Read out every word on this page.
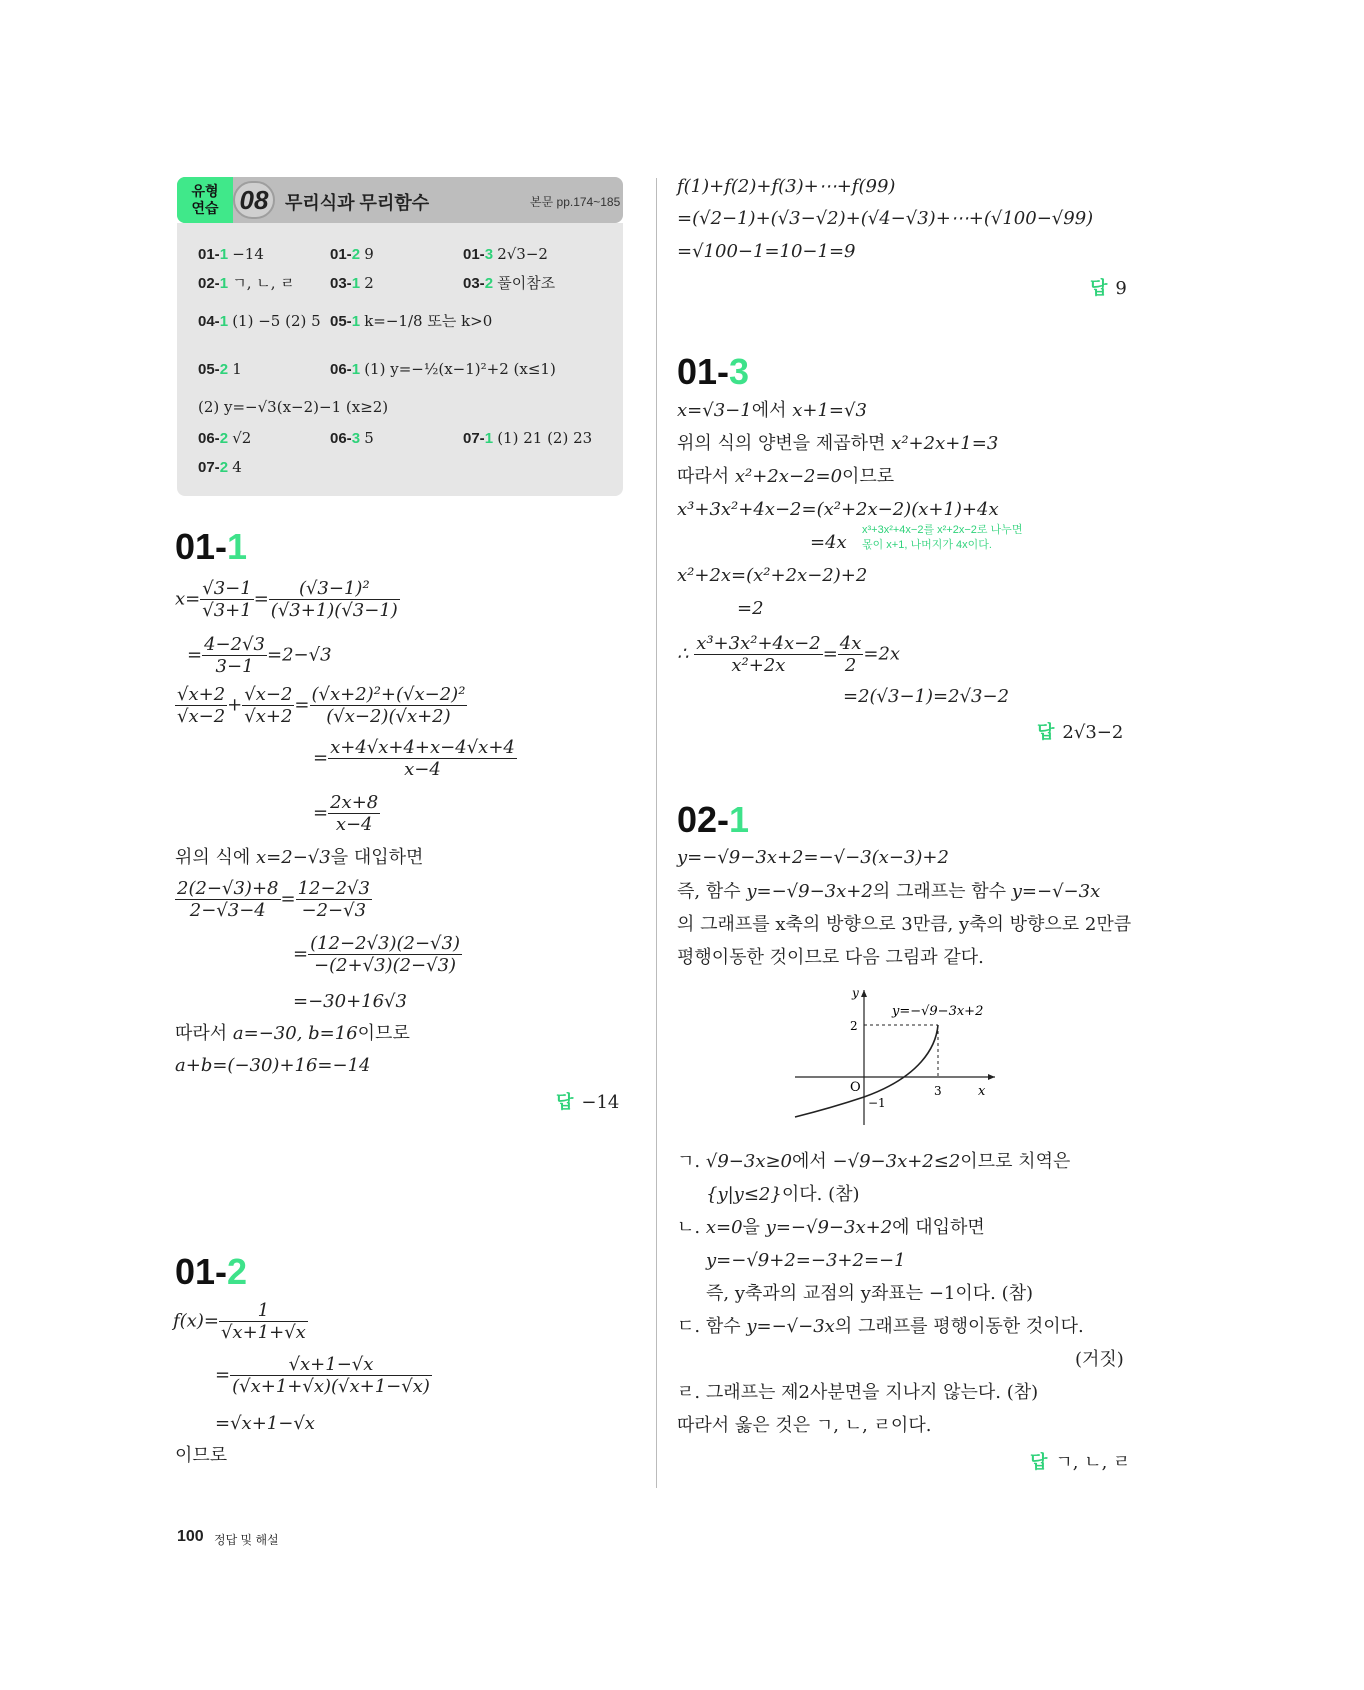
유형
연습 08 무리식과 무리함수	본문 pp.174~185
01-1 −14	01-2 9	01-3 2√3−2
02-1 ㄱ, ㄴ, ㄹ 03-1 2	03-2 풀이참조
04-1 (1) −5 (2) 5 05-1 k=−1/8 또는 k>0
05-2 1	06-1 (1) y=−½(x−1)²+2 (x≤1)
(2) y=−√3(x−2)−1 (x≥2)
06-2 √2	06-3 5	07-1 (1) 21 (2) 23
07-2 4
01-1
$x= \frac{√3-1}{√3+1} = \frac{\text{(√3−1)²}}{(√3+1)(√3-1)}$
= $\frac{4-2√3}{3-1} =2-√3$
$\frac{√x+2}{√x-2} + \frac{√x-2}{√x+2} = \frac{\text{(√x+2)²+(√x−2)²}}{(√x-2)(√x+2)}$
= $\frac{x+4√x+4+x-4√x+4}{x-4}$
= $\frac{2x+8}{x-4}$
위의 식에 x=2−√3을 대입하면
$\frac{2(2-√3)+8}{2-√3-4} = \frac{12-2√3}{-2-√3}$
= $\frac{(12-2√3)(2-√3)}{-(2+√3)(2-√3)}$
=−30+16√3
따라서 a=−30, b=16이므로
a+b=(−30)+16=−14
답 −14
01-2
$f(x)= \frac{1}{√x+1+√x}$
= $\frac{√x+1-√x}{(√x+1+√x)(√x+1-√x)}$
=√x+1−√x
이므로
f(1)+f(2)+f(3)+⋯+f(99)
=(√2−1)+(√3−√2)+(√4−√3)+⋯+(√100−√99)
=√100−1=10−1=9
답 9
01-3
x=√3−1에서 x+1=√3
위의 식의 양변을 제곱하면 x²+2x+1=3
따라서 x²+2x−2=0이므로
x³+3x²+4x−2=(x²+2x−2)(x+1)+4x
=4x
x³+3x²+4x−2를 x²+2x−2로 나누면
몫이 x+1, 나머지가 4x이다.
x²+2x=(x²+2x−2)+2
=2
∴ $\frac{\text{x³+3x²+4x−2}}{\text{x²+2x}} = \frac{4x}{2} =2x$
=2(√3−1)=2√3−2
답 2√3−2
02-1
y=−√9−3x+2=−√−3(x−3)+2
즉, 함수 y=−√9−3x+2의 그래프는 함수 y=−√−3x
의 그래프를 x축의 방향으로 3만큼, y축의 방향으로 2만큼
평행이동한 것이므로 다음 그림과 같다.
y=−√9−3x+2
y
x
O
2
3
−1
ㄱ. √9−3x≥0에서 −√9−3x+2≤2이므로 치역은
{y|y≤2}이다. (참)
ㄴ. x=0을 y=−√9−3x+2에 대입하면
y=−√9+2=−3+2=−1
즉, y축과의 교점의 y좌표는 −1이다. (참)
ㄷ. 함수 y=−√−3x의 그래프를 평행이동한 것이다.
(거짓)
ㄹ. 그래프는 제2사분면을 지나지 않는다. (참)
따라서 옳은 것은 ㄱ, ㄴ, ㄹ이다.
답 ㄱ, ㄴ, ㄹ
100 정답 및 해설
